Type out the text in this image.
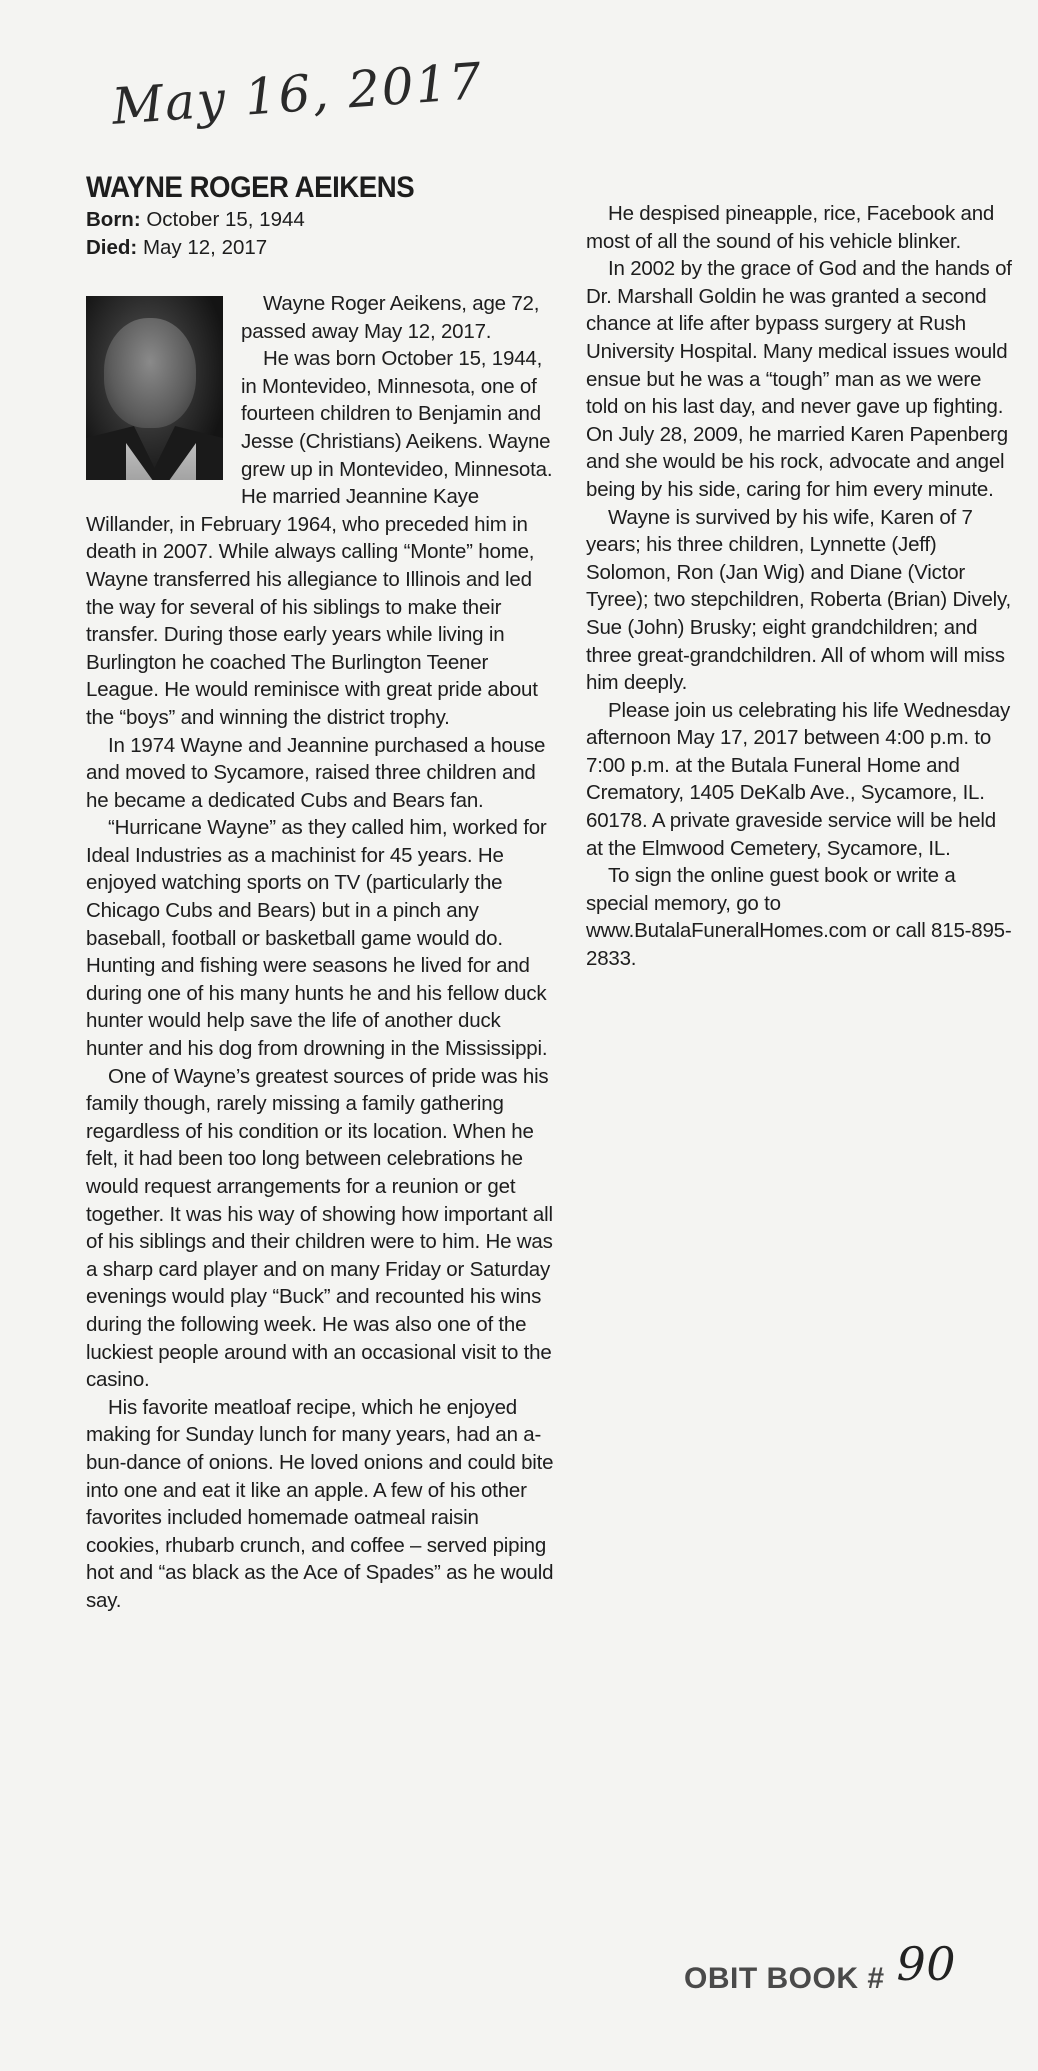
May 16, 2017
WAYNE ROGER AEIKENS
Born: October 15, 1944
Died: May 12, 2017

Wayne Roger Aeikens, age 72, passed away May 12, 2017.

He was born October 15, 1944, in Montevideo, Minnesota, one of fourteen children to Benjamin and Jesse (Christians) Aeikens. Wayne grew up in Montevideo, Minnesota. He married Jeannine Kaye Willander, in February 1964, who preceded him in death in 2007. While always calling “Monte” home, Wayne transferred his allegiance to Illinois and led the way for several of his siblings to make their transfer. During those early years while living in Burlington he coached The Burlington Teener League. He would reminisce with great pride about the “boys” and winning the district trophy.

In 1974 Wayne and Jeannine purchased a house and moved to Sycamore, raised three children and he became a dedicated Cubs and Bears fan.

“Hurricane Wayne” as they called him, worked for Ideal Industries as a machinist for 45 years. He enjoyed watching sports on TV (particularly the Chicago Cubs and Bears) but in a pinch any baseball, football or basketball game would do. Hunting and fishing were seasons he lived for and during one of his many hunts he and his fellow duck hunter would help save the life of another duck hunter and his dog from drowning in the Mississippi.

One of Wayne’s greatest sources of pride was his family though, rarely missing a family gathering regardless of his condition or its location. When he felt, it had been too long between celebrations he would request arrangements for a reunion or get together. It was his way of showing how important all of his siblings and their children were to him. He was a sharp card player and on many Friday or Saturday evenings would play “Buck” and recounted his wins during the following week. He was also one of the luckiest people around with an occasional visit to the casino.

His favorite meatloaf recipe, which he enjoyed making for Sunday lunch for many years, had an a-bun-dance of onions. He loved onions and could bite into one and eat it like an apple. A few of his other favorites included homemade oatmeal raisin cookies, rhubarb crunch, and coffee – served piping hot and “as black as the Ace of Spades” as he would say.

He despised pineapple, rice, Facebook and most of all the sound of his vehicle blinker.

In 2002 by the grace of God and the hands of Dr. Marshall Goldin he was granted a second chance at life after bypass surgery at Rush University Hospital. Many medical issues would ensue but he was a “tough” man as we were told on his last day, and never gave up fighting. On July 28, 2009, he married Karen Papenberg and she would be his rock, advocate and angel being by his side, caring for him every minute.

Wayne is survived by his wife, Karen of 7 years; his three children, Lynnette (Jeff) Solomon, Ron (Jan Wig) and Diane (Victor Tyree); two stepchildren, Roberta (Brian) Dively, Sue (John) Brusky; eight grandchildren; and three great-grandchildren. All of whom will miss him deeply.

Please join us celebrating his life Wednesday afternoon May 17, 2017 between 4:00 p.m. to 7:00 p.m. at the Butala Funeral Home and Crematory, 1405 DeKalb Ave., Sycamore, IL. 60178. A private graveside service will be held at the Elmwood Cemetery, Sycamore, IL.

To sign the online guest book or write a special memory, go to www.ButalaFuneralHomes.com or call 815-895-2833.

OBIT BOOK # 90
